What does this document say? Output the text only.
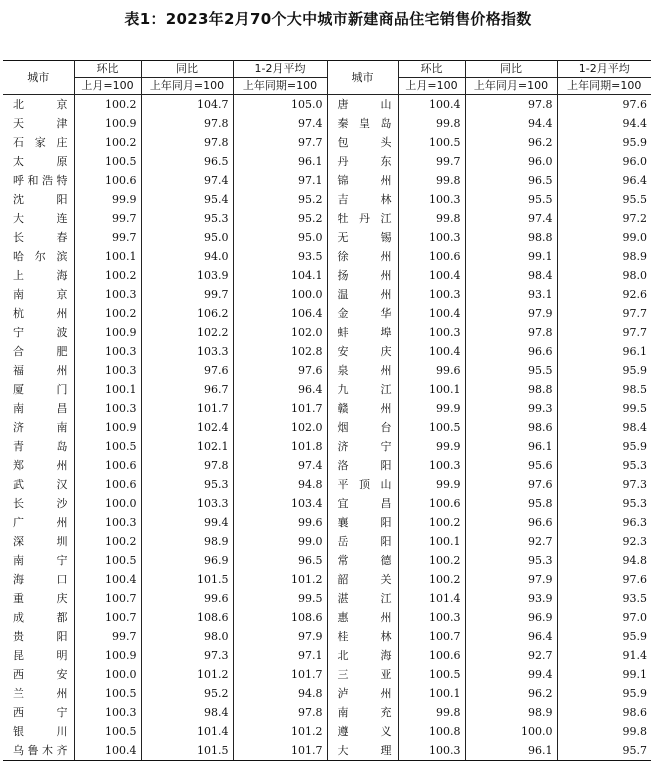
表1：2023年2月70个大中城市新建商品住宅销售价格指数
城市	环比	同比	1-2月平均	城市	环比	同比	1-2月平均
	上月=100	上年同月=100	上年同期=100		上月=100	上年同月=100	上年同期=100
北京	100.2	104.7	105.0	唐山	100.4	97.8	97.6
天津	100.9	97.8	97.4	秦皇岛	99.8	94.4	94.4
石家庄	100.2	97.8	97.7	包头	100.5	96.2	95.9
太原	100.5	96.5	96.1	丹东	99.7	96.0	96.0
呼和浩特	100.6	97.4	97.1	锦州	99.8	96.5	96.4
沈阳	99.9	95.4	95.2	吉林	100.3	95.5	95.5
大连	99.7	95.3	95.2	牡丹江	99.8	97.4	97.2
长春	99.7	95.0	95.0	无锡	100.3	98.8	99.0
哈尔滨	100.1	94.0	93.5	徐州	100.6	99.1	98.9
上海	100.2	103.9	104.1	扬州	100.4	98.4	98.0
南京	100.3	99.7	100.0	温州	100.3	93.1	92.6
杭州	100.2	106.2	106.4	金华	100.4	97.9	97.7
宁波	100.9	102.2	102.0	蚌埠	100.3	97.8	97.7
合肥	100.3	103.3	102.8	安庆	100.4	96.6	96.1
福州	100.3	97.6	97.6	泉州	99.6	95.5	95.9
厦门	100.1	96.7	96.4	九江	100.1	98.8	98.5
南昌	100.3	101.7	101.7	赣州	99.9	99.3	99.5
济南	100.9	102.4	102.0	烟台	100.5	98.6	98.4
青岛	100.5	102.1	101.8	济宁	99.9	96.1	95.9
郑州	100.6	97.8	97.4	洛阳	100.3	95.6	95.3
武汉	100.6	95.3	94.8	平顶山	99.9	97.6	97.3
长沙	100.0	103.3	103.4	宜昌	100.6	95.8	95.3
广州	100.3	99.4	99.6	襄阳	100.2	96.6	96.3
深圳	100.2	98.9	99.0	岳阳	100.1	92.7	92.3
南宁	100.5	96.9	96.5	常德	100.2	95.3	94.8
海口	100.4	101.5	101.2	韶关	100.2	97.9	97.6
重庆	100.7	99.6	99.5	湛江	101.4	93.9	93.5
成都	100.7	108.6	108.6	惠州	100.3	96.9	97.0
贵阳	99.7	98.0	97.9	桂林	100.7	96.4	95.9
昆明	100.9	97.3	97.1	北海	100.6	92.7	91.4
西安	100.0	101.2	101.7	三亚	100.5	99.4	99.1
兰州	100.5	95.2	94.8	泸州	100.1	96.2	95.9
西宁	100.3	98.4	97.8	南充	99.8	98.9	98.6
银川	100.5	101.4	101.2	遵义	100.8	100.0	99.8
乌鲁木齐	100.4	101.5	101.7	大理	100.3	96.1	95.7
